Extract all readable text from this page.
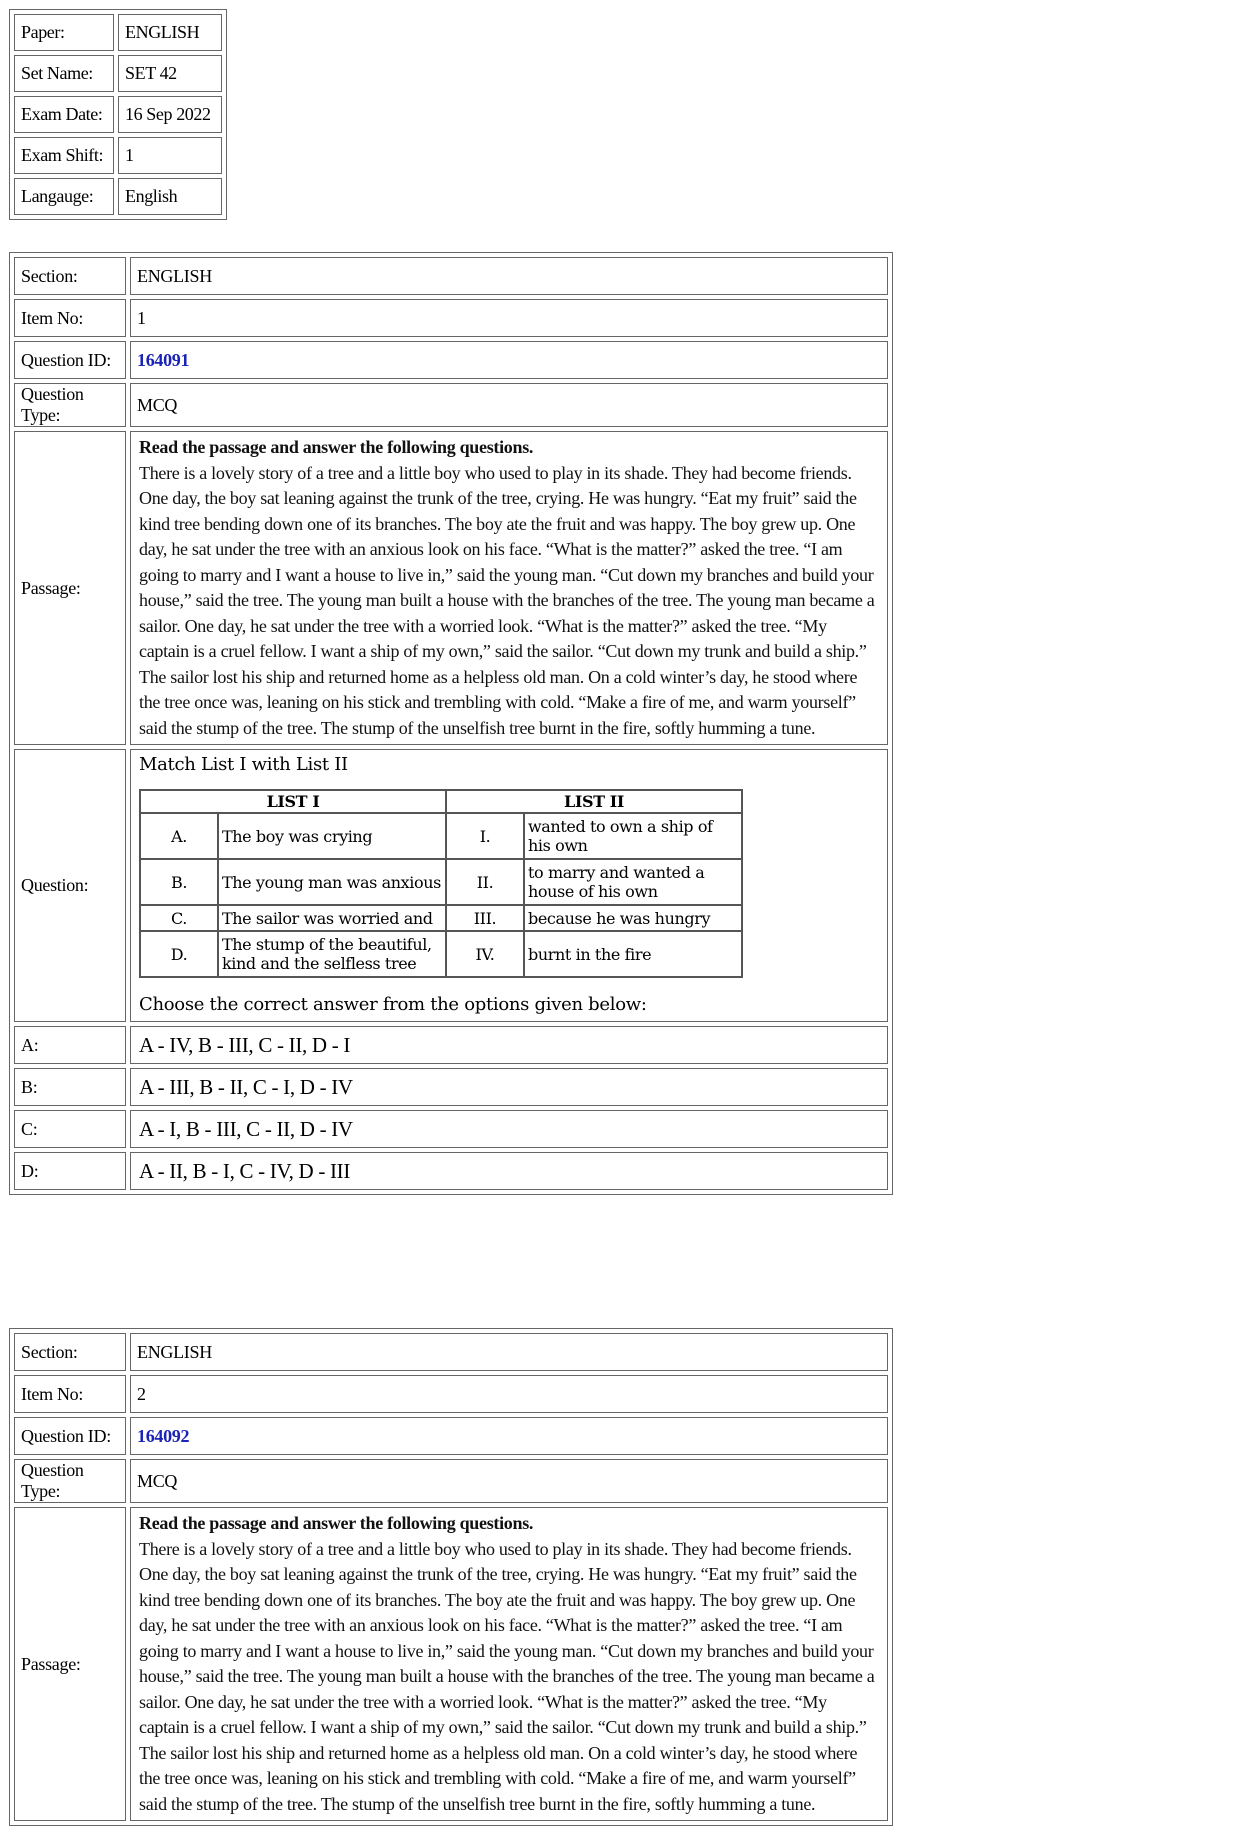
Paper:	ENGLISH
Set Name:	SET 42
Exam Date:	16 Sep 2022
Exam Shift:	1
Langauge:	English
Section:	ENGLISH
Item No:	1
Question ID:	164091
Question Type:	MCQ
Passage:	
Read the passage and answer the following questions.
There is a lovely story of a tree and a little boy who used to play in its shade. They had become friends. One day, the boy sat leaning against the trunk of the tree, crying. He was hungry. “Eat my fruit” said the kind tree bending down one of its branches. The boy ate the fruit and was happy. The boy grew up. One day, he sat under the tree with an anxious look on his face. “What is the matter?” asked the tree. “I am going to marry and I want a house to live in,” said the young man. “Cut down my branches and build your house,” said the tree. The young man built a house with the branches of the tree. The young man became a sailor. One day, he sat under the tree with a worried look. “What is the matter?” asked the tree. “My captain is a cruel fellow. I want a ship of my own,” said the sailor. “Cut down my trunk and build a ship.” The sailor lost his ship and returned home as a helpless old man. On a cold winter’s day, he stood where the tree once was, leaning on his stick and trembling with cold. “Make a fire of me, and warm yourself” said the stump of the tree. The stump of the unselfish tree burnt in the fire, softly humming a tune.
Question:	
Match List I with List II
LIST I	LIST II
A.	The boy was crying	I.	wanted to own a ship of his own
B.	The young man was anxious	II.	to marry and wanted a house of his own
C.	The sailor was worried and	III.	because he was hungry
D.	The stump of the beautiful, kind and the selfless tree	IV.	burnt in the fire
Choose the correct answer from the options given below:

A:	A - IV, B - III, C - II, D - I
B:	A - III, B - II, C - I, D - IV
C:	A - I, B - III, C - II, D - IV
D:	A - II, B - I, C - IV, D - III
Section:	ENGLISH
Item No:	2
Question ID:	164092
Question Type:	MCQ
Passage:	Read the passage and answer the following questions.
There is a lovely story of a tree and a little boy who used to play in its shade. They had become friends. One day, the boy sat leaning against the trunk of the tree, crying. He was hungry. “Eat my fruit” said the kind tree bending down one of its branches. The boy ate the fruit and was happy. The boy grew up. One day, he sat under the tree with an anxious look on his face. “What is the matter?” asked the tree. “I am going to marry and I want a house to live in,” said the young man. “Cut down my branches and build your house,” said the tree. The young man built a house with the branches of the tree. The young man became a sailor. One day, he sat under the tree with a worried look. “What is the matter?” asked the tree. “My captain is a cruel fellow. I want a ship of my own,” said the sailor. “Cut down my trunk and build a ship.” The sailor lost his ship and returned home as a helpless old man. On a cold winter’s day, he stood where the tree once was, leaning on his stick and trembling with cold. “Make a fire of me, and warm yourself” said the stump of the tree. The stump of the unselfish tree burnt in the fire, softly humming a tune.
